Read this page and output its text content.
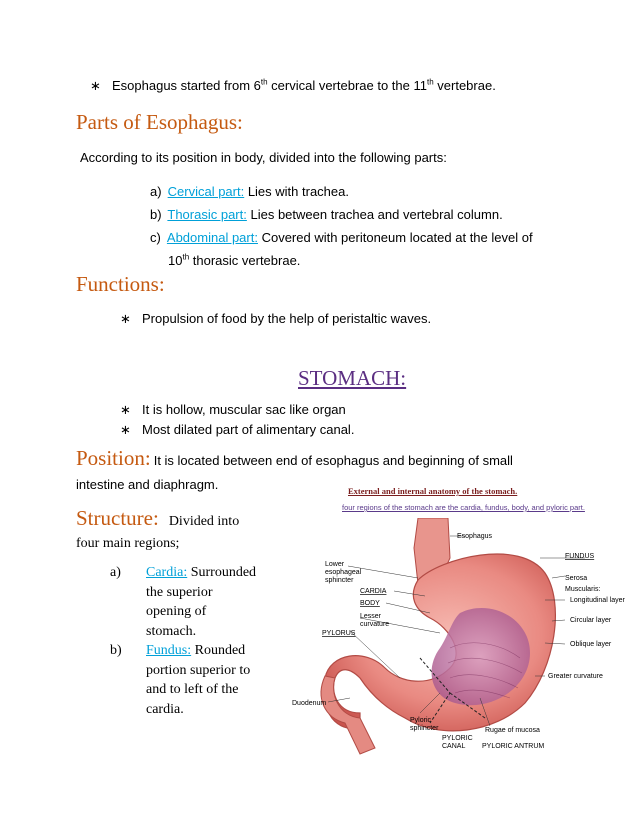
∗ Esophagus started from 6th cervical vertebrae to the 11th vertebrae.
Parts of Esophagus:
According to its position in body, divided into the following parts:
a) Cervical part: Lies with trachea.
b) Thorasic part: Lies between trachea and vertebral column.
c) Abdominal part: Covered with peritoneum located at the level of
10th thorasic vertebrae.
Functions:
∗ Propulsion of food by the help of peristaltic waves.
STOMACH:
∗ It is hollow, muscular sac like organ
∗ Most dilated part of alimentary canal.
Position: It is located between end of esophagus and beginning of small
intestine and diaphragm.
Structure: Divided into
four main regions;
a)	Cardia: Surrounded
the superior
opening of
stomach.
b)	Fundus: Rounded
portion superior to
and to left of the
cardia.
External and internal anatomy of the stomach.
four regions of the stomach are the cardia, fundus, body, and pyloric part.
Esophagus
FUNDUS
Serosa
Muscularis:
Longitudinal layer
Circular layer
Oblique layer
Greater curvature
Lower
esophageal
sphincter
CARDIA
BODY
Lesser
curvature
PYLORUS
Duodenum
Pyloric
sphincter	Rugae of mucosa
PYLORIC
CANAL PYLORIC ANTRUM
